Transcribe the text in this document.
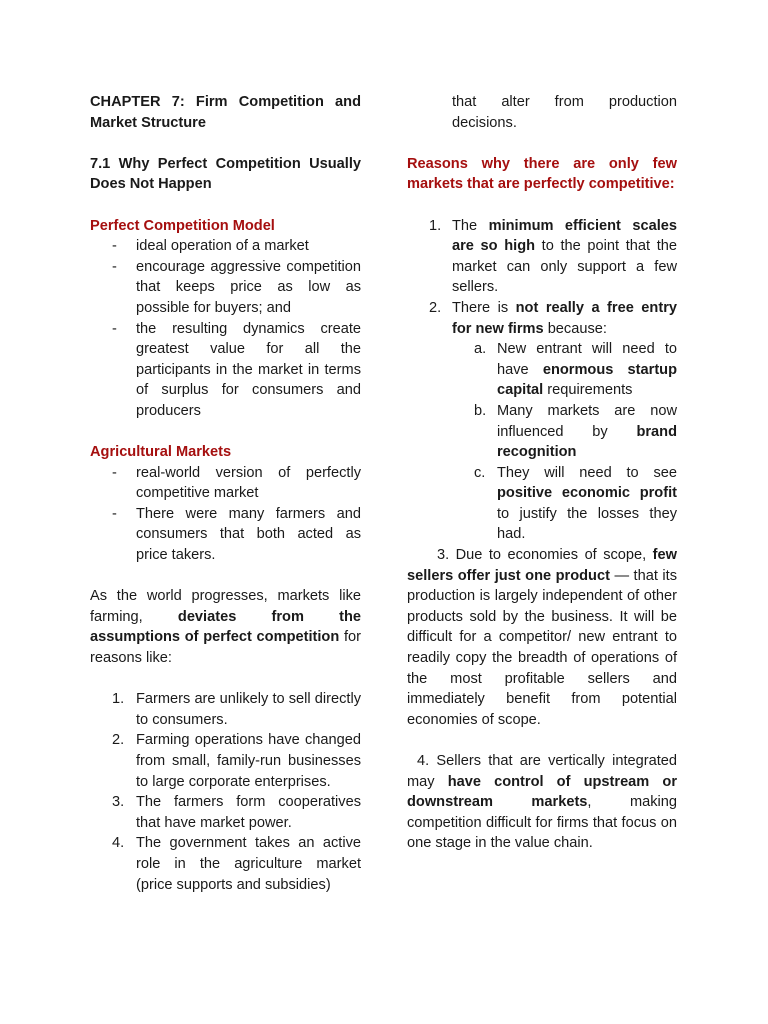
CHAPTER 7: Firm Competition and Market Structure

7.1 Why Perfect Competition Usually Does Not Happen

Perfect Competition Model

- ideal operation of a market

- encourage aggressive competition that keeps price as low as possible for buyers; and

- the resulting dynamics create greatest value for all the participants in the market in terms of surplus for consumers and producers

Agricultural Markets

- real-world version of perfectly competitive market

- There were many farmers and consumers that both acted as price takers.

As the world progresses, markets like farming, deviates from the assumptions of perfect competition for reasons like:

1. Farmers are unlikely to sell directly to consumers.

2. Farming operations have changed from small, family-run businesses to large corporate enterprises.

3. The farmers form cooperatives that have market power.

4. The government takes an active role in the agriculture market (price supports and subsidies)

that alter from production decisions.

Reasons why there are only few markets that are perfectly competitive:

1. The minimum efficient scales are so high to the point that the market can only support a few sellers.

2. There is not really a free entry for new firms because:

a. New entrant will need to have enormous startup capital requirements

b. Many markets are now influenced by brand recognition

c. They will need to see positive economic profit to justify the losses they had.

3. Due to economies of scope, few sellers offer just one product — that its production is largely independent of other products sold by the business. It will be difficult for a competitor/ new entrant to readily copy the breadth of operations of the most profitable sellers and immediately benefit from potential economies of scope.

4. Sellers that are vertically integrated may have control of upstream or downstream markets, making competition difficult for firms that focus on one stage in the value chain.
